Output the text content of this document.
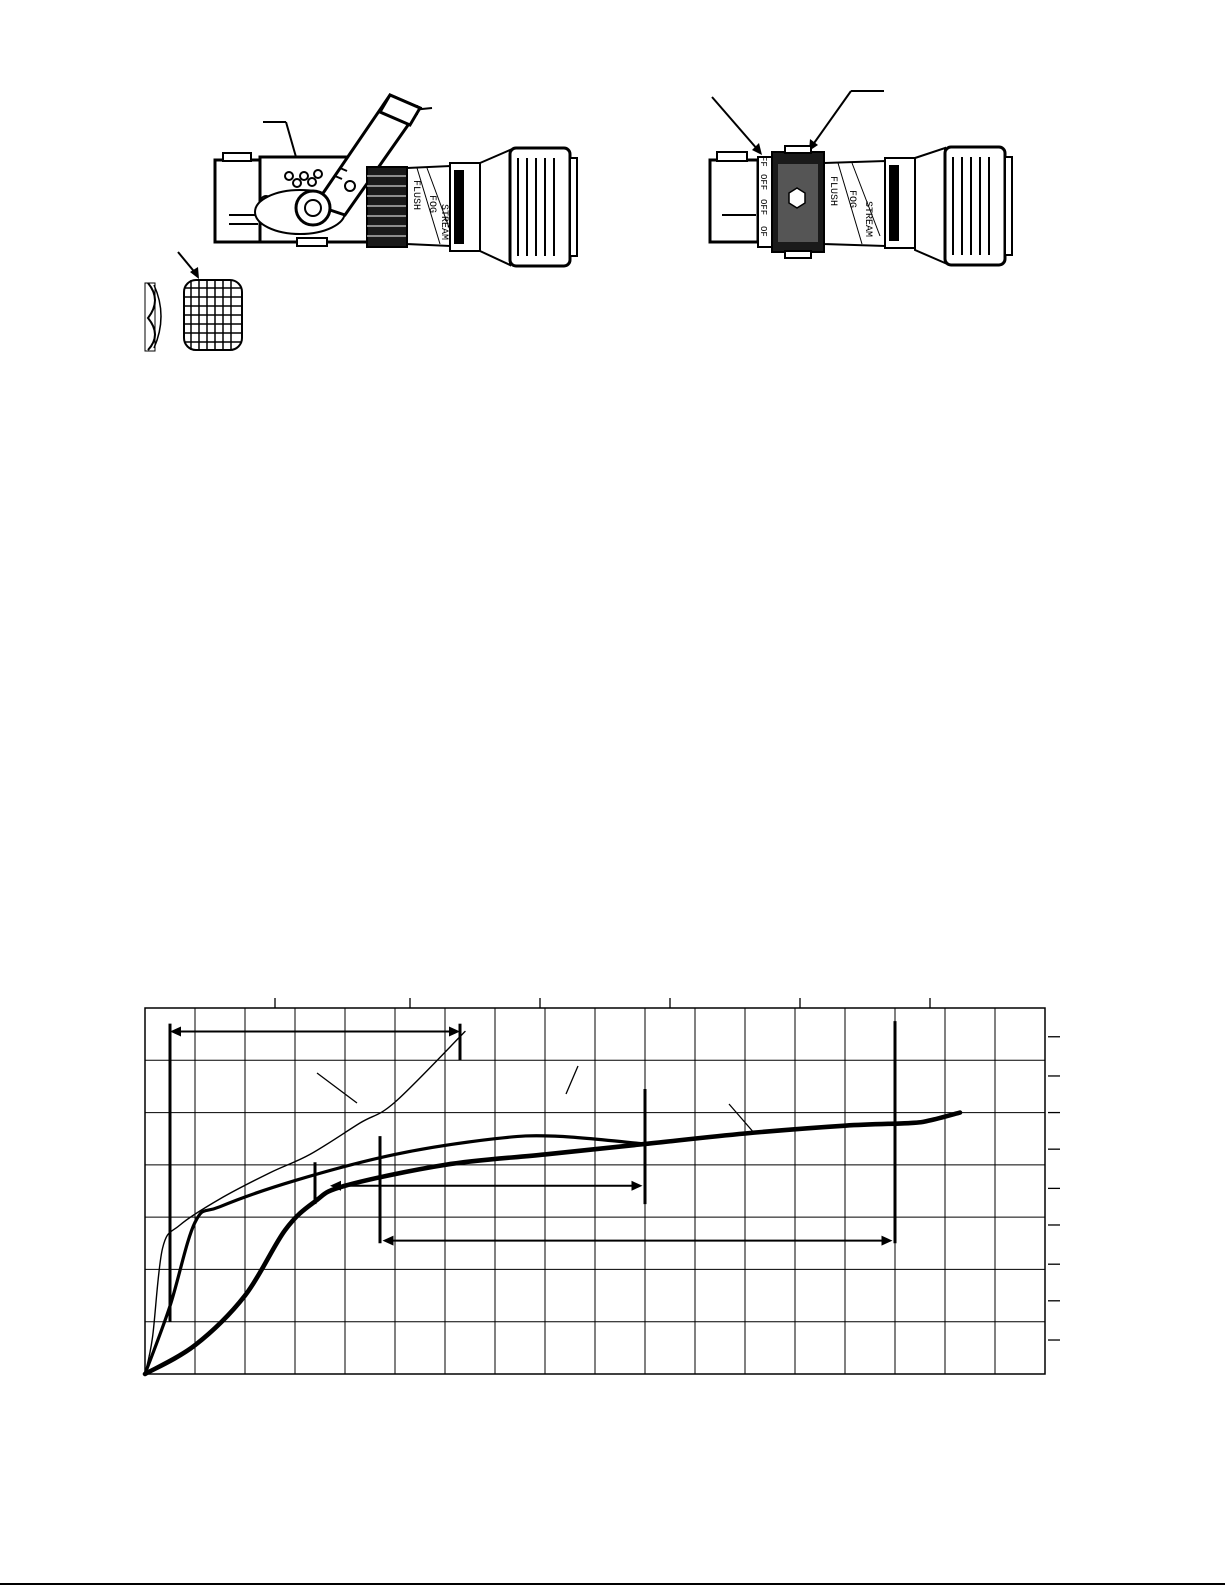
FLUSH FOG STREAM
FF
OFF
OFF
OF
FLUSH FOG
STREAM
